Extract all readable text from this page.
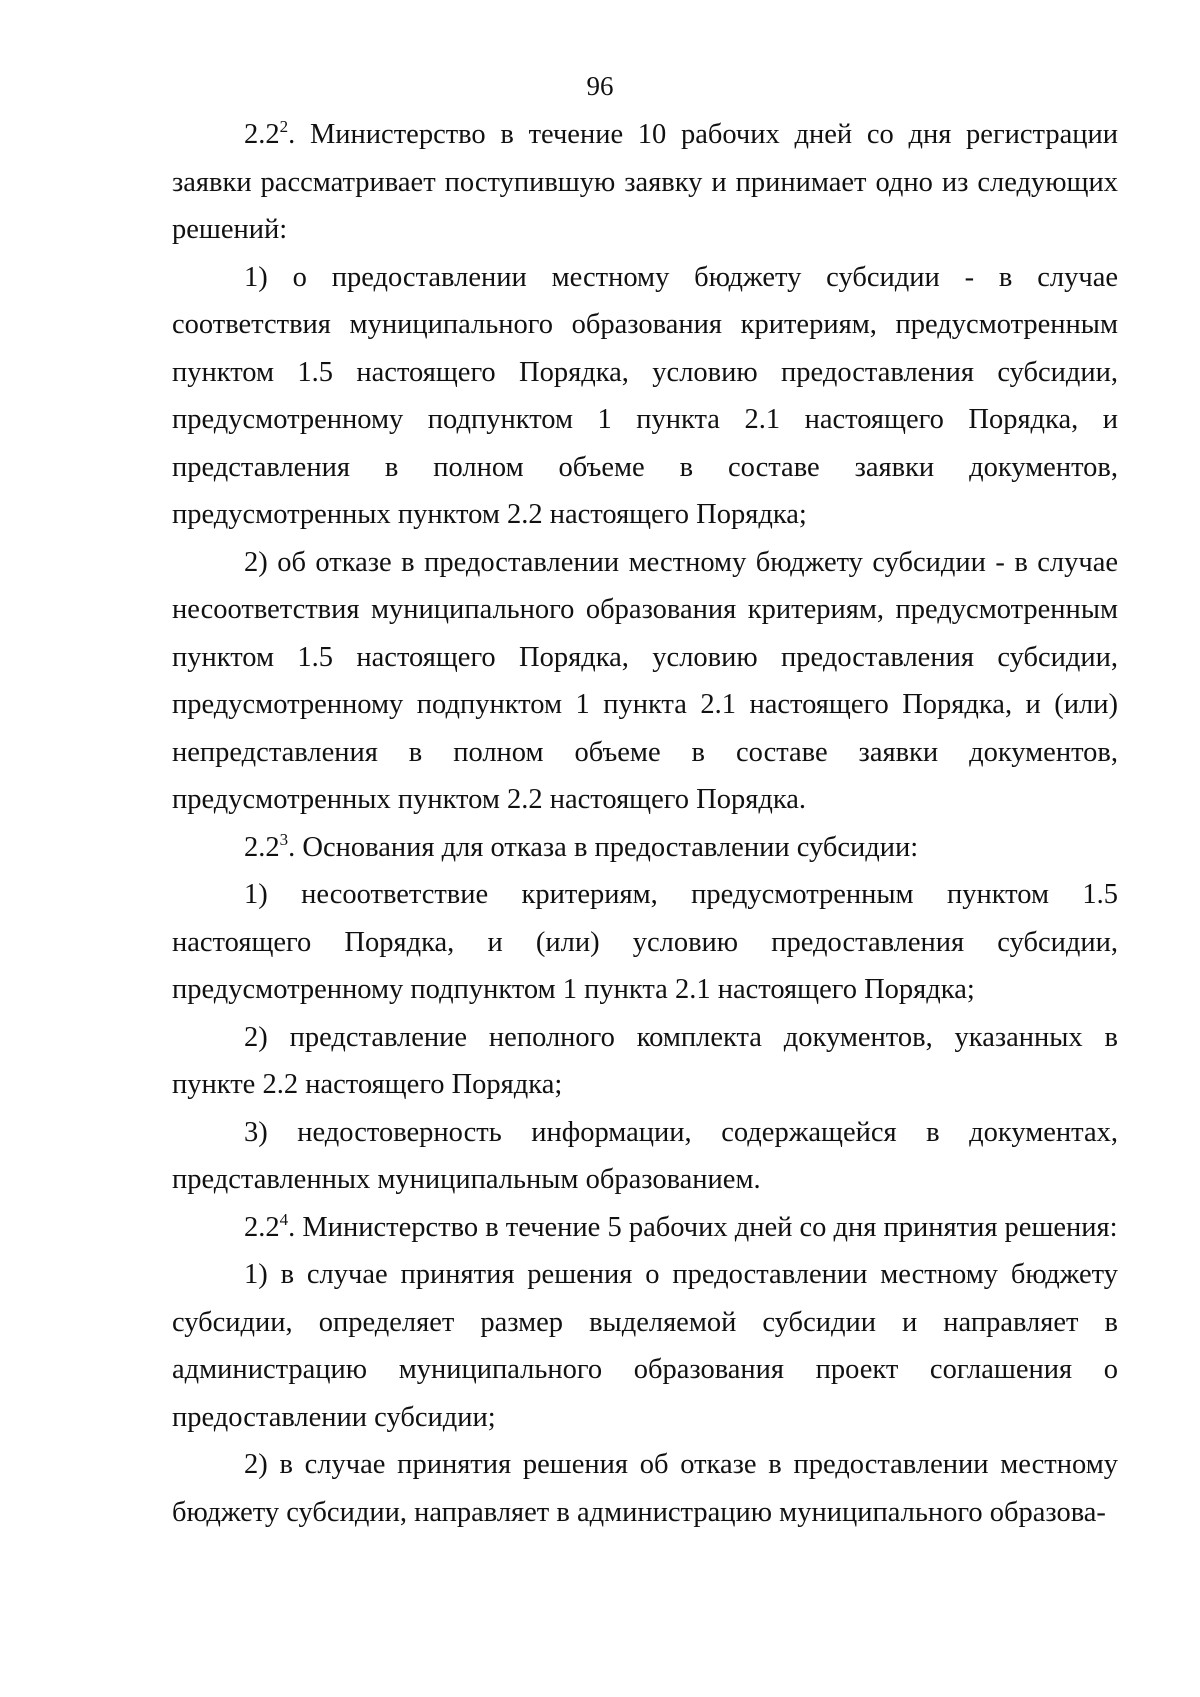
96

$2.2^2$. Министерство в течение 10 рабочих дней со дня регистрации заявки рассматривает поступившую заявку и принимает одно из следующих решений:

1) о предоставлении местному бюджету субсидии - в случае соответствия муниципального образования критериям, предусмотренным пунктом 1.5 настоящего Порядка, условию предоставления субсидии, предусмотренному подпунктом 1 пункта 2.1 настоящего Порядка, и представления в полном объеме в составе заявки документов, предусмотренных пунктом 2.2 настоящего Порядка;

2) об отказе в предоставлении местному бюджету субсидии - в случае несоответствия муниципального образования критериям, предусмотренным пунктом 1.5 настоящего Порядка, условию предоставления субсидии, предусмотренному подпунктом 1 пункта 2.1 настоящего Порядка, и (или) непредставления в полном объеме в составе заявки документов, предусмотренных пунктом 2.2 настоящего Порядка.

$2.2^3$. Основания для отказа в предоставлении субсидии:

1) несоответствие критериям, предусмотренным пунктом 1.5 настоящего Порядка, и (или) условию предоставления субсидии, предусмотренному подпунктом 1 пункта 2.1 настоящего Порядка;

2) представление неполного комплекта документов, указанных в пункте 2.2 настоящего Порядка;

3) недостоверность информации, содержащейся в документах, представленных муниципальным образованием.

$2.2^4$. Министерство в течение 5 рабочих дней со дня принятия решения:

1) в случае принятия решения о предоставлении местному бюджету субсидии, определяет размер выделяемой субсидии и направляет в администрацию муниципального образования проект соглашения о предоставлении субсидии;

2) в случае принятия решения об отказе в предоставлении местному бюджету субсидии, направляет в администрацию муниципального образова-
